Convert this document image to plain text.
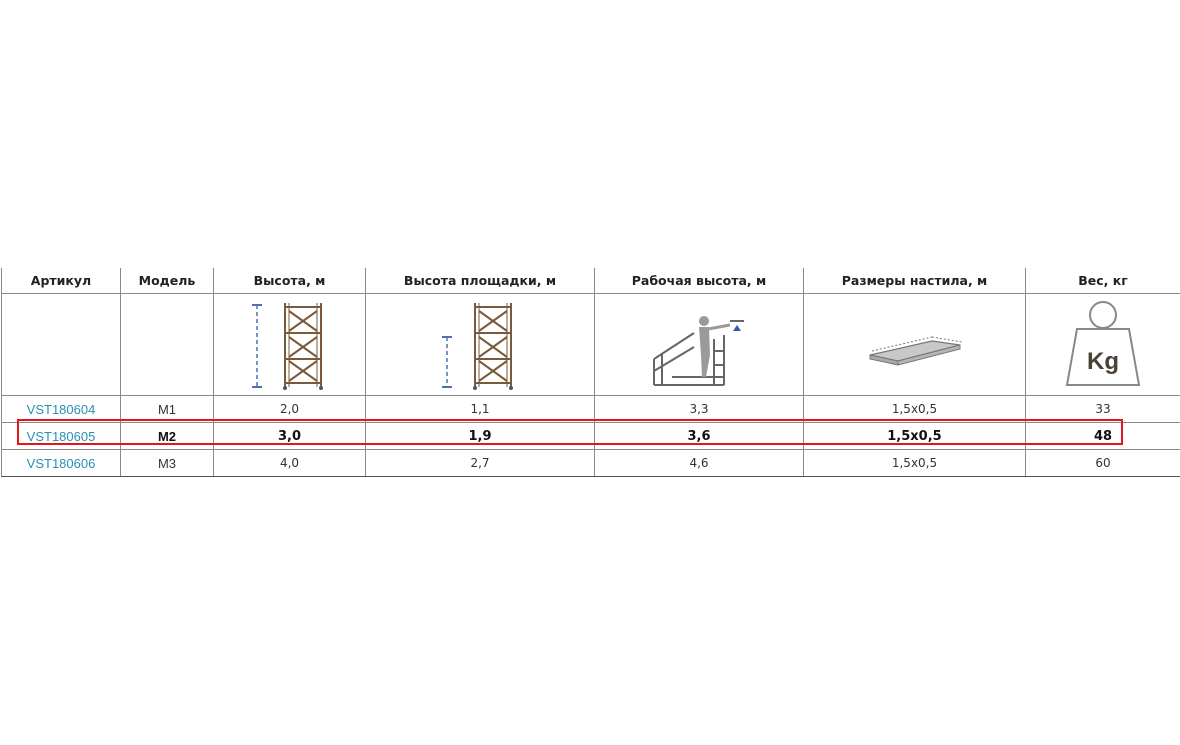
Артикул	Модель	Высота, м	Высота площадки, м	Рабочая высота, м	Размеры настила, м	Вес, кг

Kg

VST180604	M1	2,0	1,1	3,3	1,5x0,5	33
VST180605	M2	3,0	1,9	3,6	1,5x0,5	48
VST180606	M3	4,0	2,7	4,6	1,5x0,5	60
